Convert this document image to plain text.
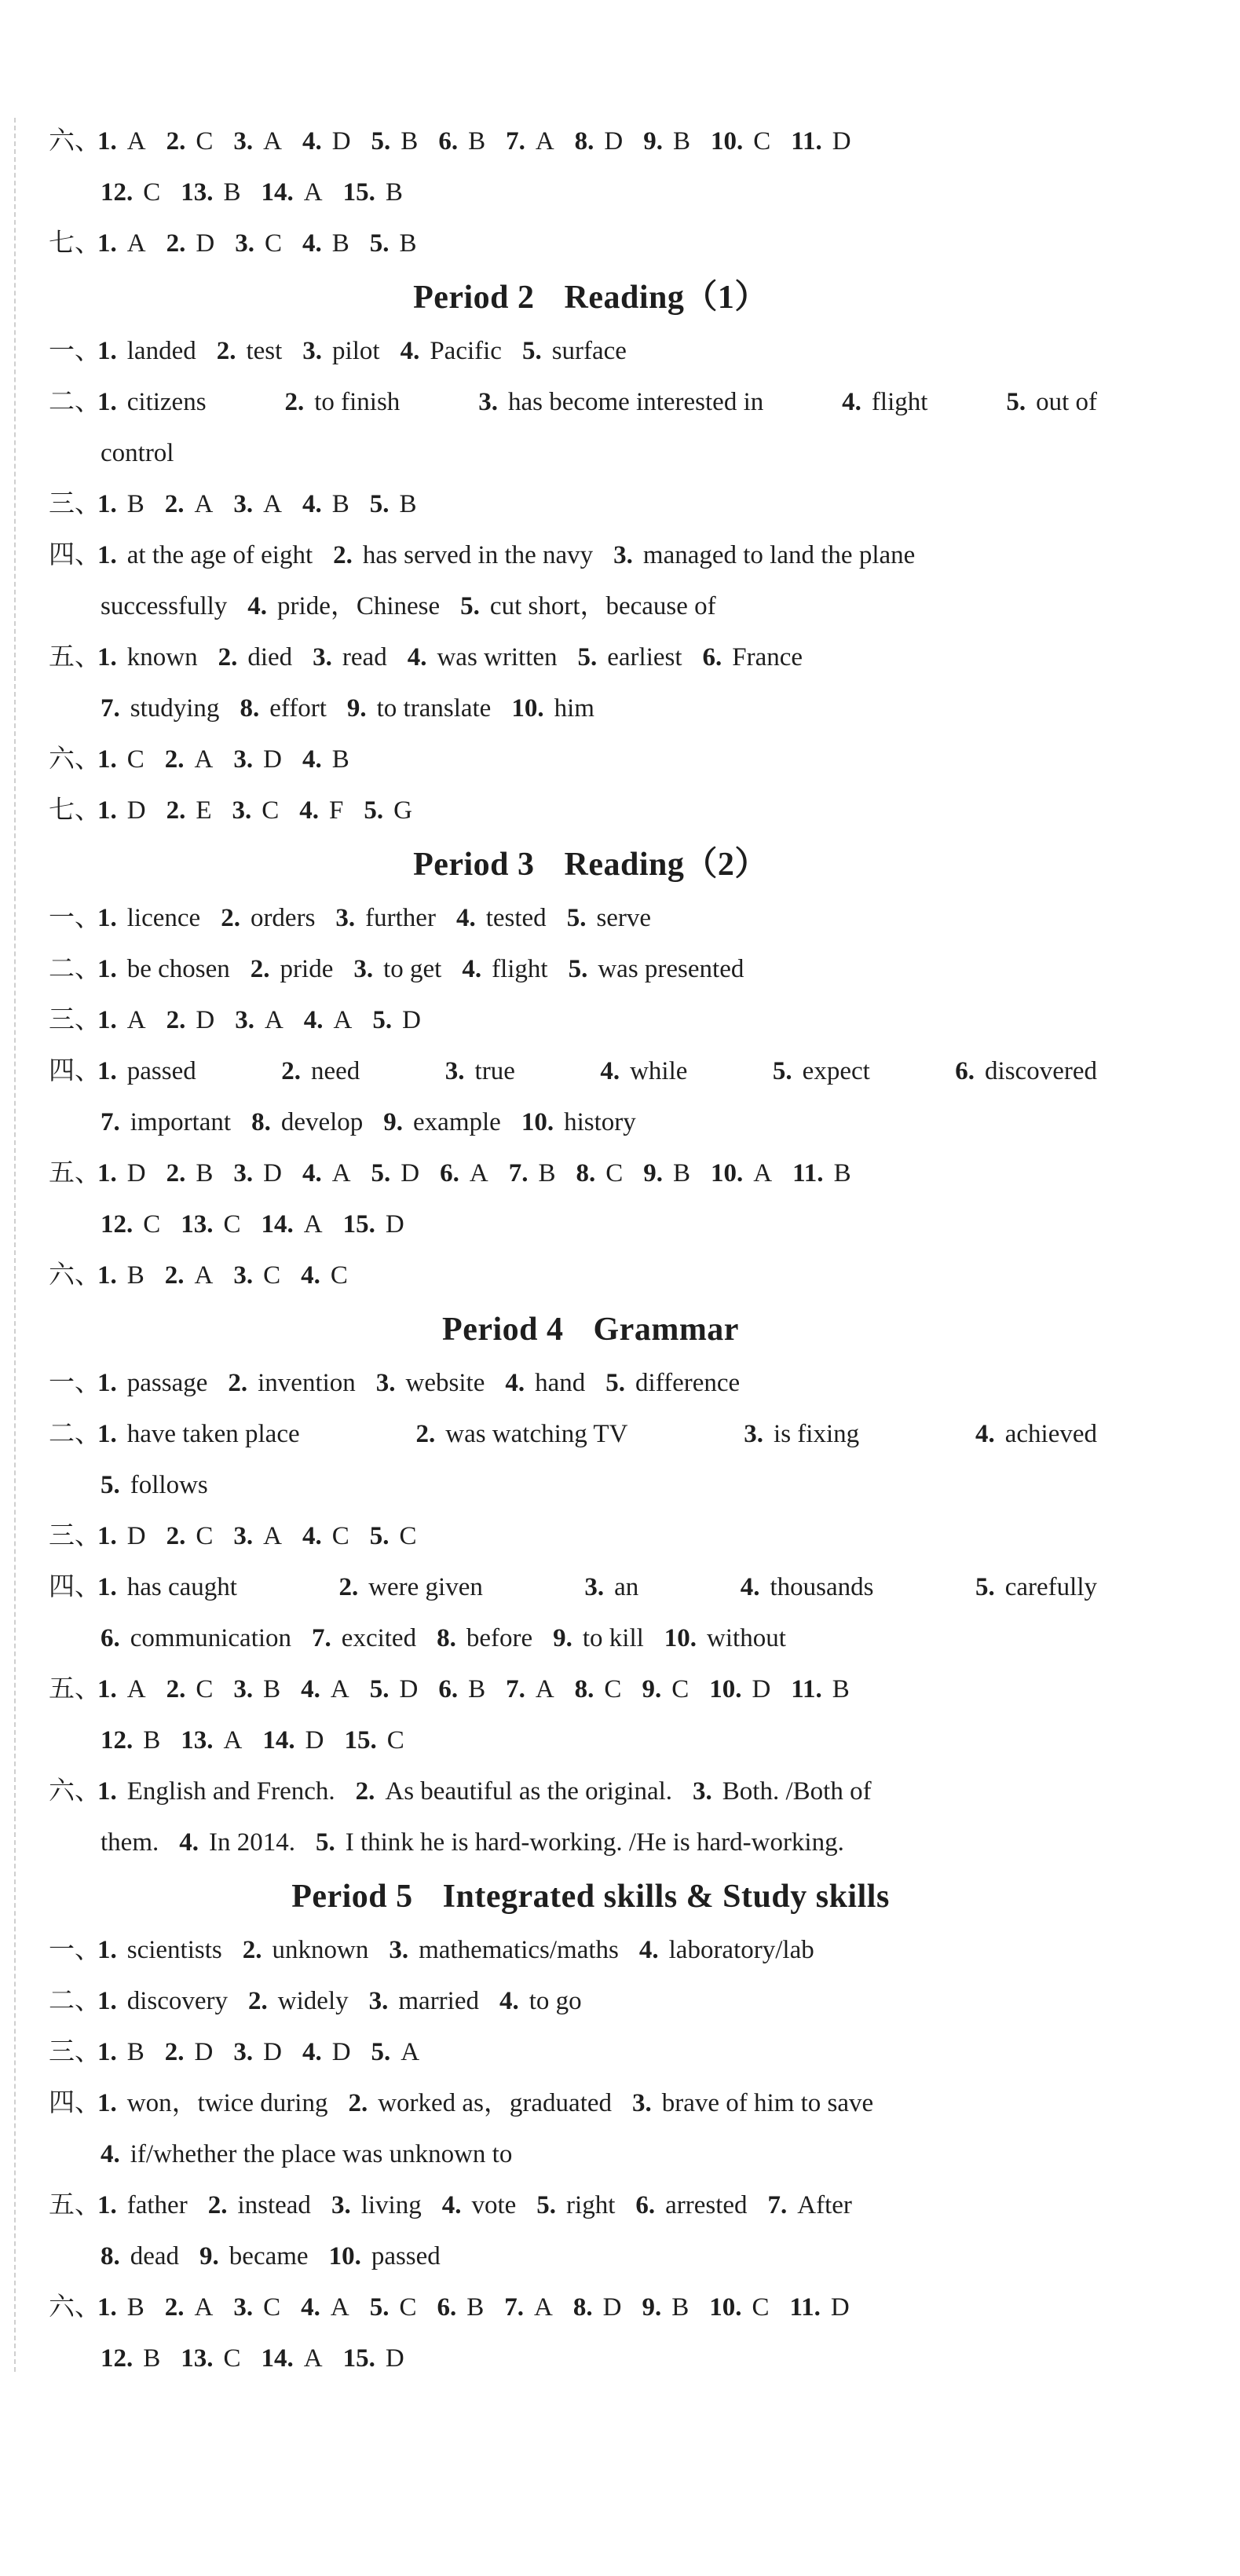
六、1. A 2. C 3. A 4. D 5. B 6. B 7. A 8. D 9. B 10. C 11. D
12. C 13. B 14. A 15. B
七、1. A 2. D 3. C 4. B 5. B
Period 2 Reading（1）
一、1. landed 2. test 3. pilot 4. Pacific 5. surface
二、
1. citizens	2. to finish	3. has become interested in	4. flight	5. out of
control
三、1. B 2. A 3. A 4. B 5. B
四、1. at the age of eight 2. has served in the navy 3. managed to land the plane
successfully 4. pride，Chinese 5. cut short，because of
五、1. known 2. died 3. read 4. was written 5. earliest 6. France
7. studying 8. effort 9. to translate 10. him
六、1. C 2. A 3. D 4. B
七、1. D 2. E 3. C 4. F 5. G
Period 3 Reading（2）
一、1. licence 2. orders 3. further 4. tested 5. serve
二、1. be chosen 2. pride 3. to get 4. flight 5. was presented
三、1. A 2. D 3. A 4. A 5. D
四、
1. passed	2. need	3. true	4. while	5. expect	6. discovered
7. important 8. develop 9. example 10. history
五、1. D 2. B 3. D 4. A 5. D 6. A 7. B 8. C 9. B 10. A 11. B
12. C 13. C 14. A 15. D
六、1. B 2. A 3. C 4. C
Period 4 Grammar
一、1. passage 2. invention 3. website 4. hand 5. difference
二、
1. have taken place	2. was watching TV	3. is fixing	4. achieved
5. follows
三、1. D 2. C 3. A 4. C 5. C
四、
1. has caught	2. were given	3. an	4. thousands	5. carefully
6. communication 7. excited 8. before 9. to kill 10. without
五、1. A 2. C 3. B 4. A 5. D 6. B 7. A 8. C 9. C 10. D 11. B
12. B 13. A 14. D 15. C
六、1. English and French. 2. As beautiful as the original. 3. Both. /Both of
them. 4. In 2014. 5. I think he is hard-working. /He is hard-working.
Period 5 Integrated skills & Study skills
一、1. scientists 2. unknown 3. mathematics/maths 4. laboratory/lab
二、1. discovery 2. widely 3. married 4. to go
三、1. B 2. D 3. D 4. D 5. A
四、1. won，twice during 2. worked as，graduated 3. brave of him to save
4. if/whether the place was unknown to
五、1. father 2. instead 3. living 4. vote 5. right 6. arrested 7. After
8. dead 9. became 10. passed
六、1. B 2. A 3. C 4. A 5. C 6. B 7. A 8. D 9. B 10. C 11. D
12. B 13. C 14. A 15. D
